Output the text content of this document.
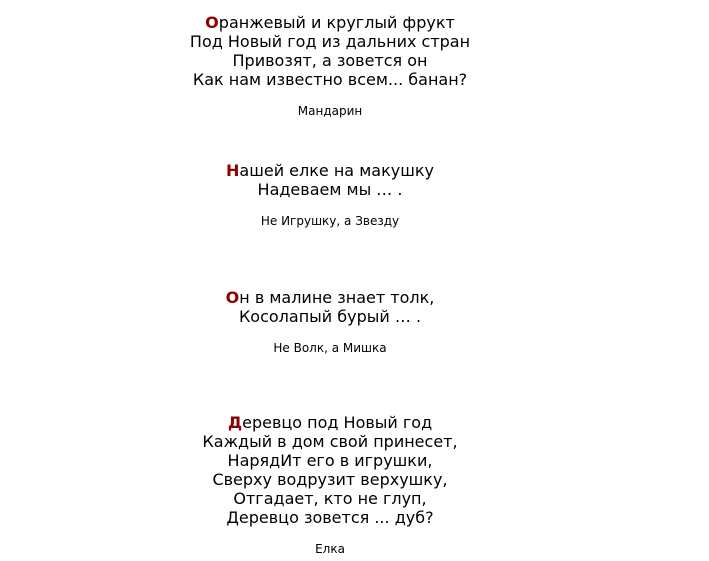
Оранжевый и круглый фрукт
Под Новый год из дальних стран
Привозят, а зовется он
Как нам известно всем... банан?
Мандарин
Нашей елке на макушку
Надеваем мы … .
Не Игрушку, а Звезду
Он в малине знает толк,
Косолапый бурый … .
Не Волк, а Мишка
Деревцо под Новый год
Каждый в дом свой принесет,
НарядИт его в игрушки,
Сверху водрузит верхушку,
Отгадает, кто не глуп,
Деревцо зовется ... дуб?
Елка
